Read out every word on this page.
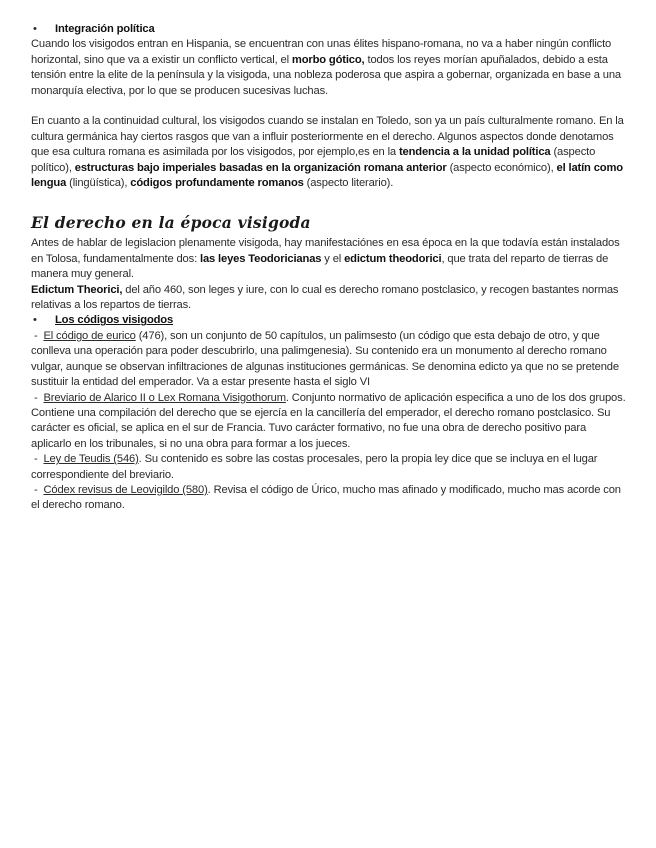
•	Integración política

Cuando los visigodos entran en Hispania, se encuentran con unas élites hispano-romana, no va a haber ningún conflicto horizontal, sino que va a existir un conflicto vertical, el morbo gótico, todos los reyes morían apuñalados, debido a esta tensión entre la elite de la península y la visigoda, una nobleza poderosa que aspira a gobernar, organizada en base a una monarquía electiva, por lo que se producen sucesivas luchas.

En cuanto a la continuidad cultural, los visigodos cuando se instalan en Toledo, son ya un país culturalmente romano. En la cultura germánica hay ciertos rasgos que van a influir posteriormente en el derecho. Algunos aspectos donde denotamos que esa cultura romana es asimilada por los visigodos, por ejemplo,es en la tendencia a la unidad política (aspecto político), estructuras bajo imperiales basadas en la organización romana anterior (aspecto económico), el latín como lengua (lingüística), códigos profundamente romanos (aspecto literario).

El derecho en la época visigoda

Antes de hablar de legislacion plenamente visigoda, hay manifestaciónes en esa época en la que todavía están instalados en Tolosa, fundamentalmente dos: las leyes Teodoricianas y el edictum theodorici, que trata del reparto de tierras de manera muy general.

Edictum Theorici, del año 460, son leges y iure, con lo cual es derecho romano postclasico, y recogen bastantes normas relativas a los repartos de tierras.

•	Los códigos visigodos

-  El código de eurico (476), son un conjunto de 50 capítulos, un palimsesto (un código que esta debajo de otro, y que conlleva una operación para poder descubrirlo, una palimgenesia). Su contenido era un monumento al derecho romano vulgar, aunque se observan infiltraciones de algunas instituciones germánicas. Se denomina edicto ya que no se pretende sustituir la entidad del emperador. Va a estar presente hasta el siglo VI

-  Breviario de Alarico II o Lex Romana Visigothorum. Conjunto normativo de aplicación especifica a uno de los dos grupos. Contiene una compilación del derecho que se ejercía en la cancillería del emperador, el derecho romano postclasico. Su carácter es oficial, se aplica en el sur de Francia. Tuvo carácter formativo, no fue una obra de derecho positivo para aplicarlo en los tribunales, si no una obra para formar a los jueces.

-  Ley de Teudis (546). Su contenido es sobre las costas procesales, pero la propia ley dice que se incluya en el lugar correspondiente del breviario.

-  Códex revisus de Leovigildo (580). Revisa el código de Úrico, mucho mas afinado y modificado, mucho mas acorde con el derecho romano.
